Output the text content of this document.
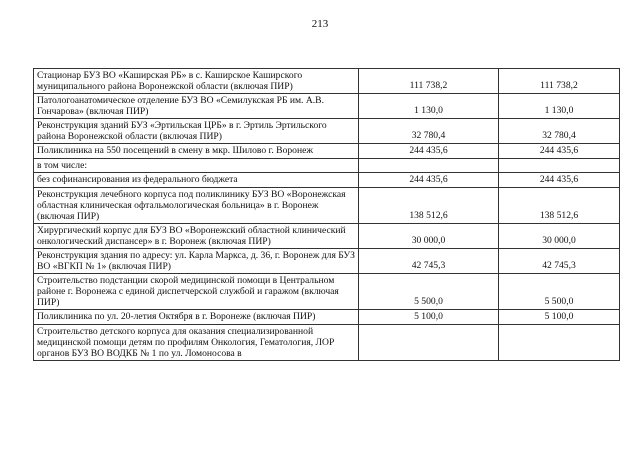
213
Стационар БУЗ ВО «Каширская РБ» в с. Каширское Каширского муниципального района Воронежской области (включая ПИР)	111 738,2	111 738,2
Патологоанатомическое отделение БУЗ ВО «Семилукская РБ им. А.В. Гончарова» (включая ПИР)	1 130,0	1 130,0
Реконструкция зданий БУЗ «Эртильская ЦРБ» в г. Эртиль Эртильского района Воронежской области (включая ПИР)	32 780,4	32 780,4
Поликлиника на 550 посещений в смену в мкр. Шилово г. Воронеж	244 435,6	244 435,6
в том числе:		
без софинансирования из федерального бюджета	244 435,6	244 435,6
Реконструкция лечебного корпуса под поликлинику БУЗ ВО «Воронежская областная клиническая офтальмологическая больница» в г. Воронеж (включая ПИР)	138 512,6	138 512,6
Хирургический корпус для БУЗ ВО «Воронежский областной клинический онкологический диспансер» в г. Воронеж (включая ПИР)	30 000,0	30 000,0
Реконструкция здания по адресу: ул. Карла Маркса, д. 36, г. Воронеж для БУЗ ВО «ВГКП № 1» (включая ПИР)	42 745,3	42 745,3
Строительство подстанции скорой медицинской помощи в Центральном районе г. Воронежа с единой диспетчерской службой и гаражом (включая ПИР)	5 500,0	5 500,0
Поликлиника по ул. 20-летия Октября в г. Воронеже (включая ПИР)	5 100,0	5 100,0
Строительство детского корпуса для оказания специализированной медицинской помощи детям по профилям Онкология, Гематология, ЛОР органов БУЗ ВО ВОДКБ № 1 по ул. Ломоносова в		
